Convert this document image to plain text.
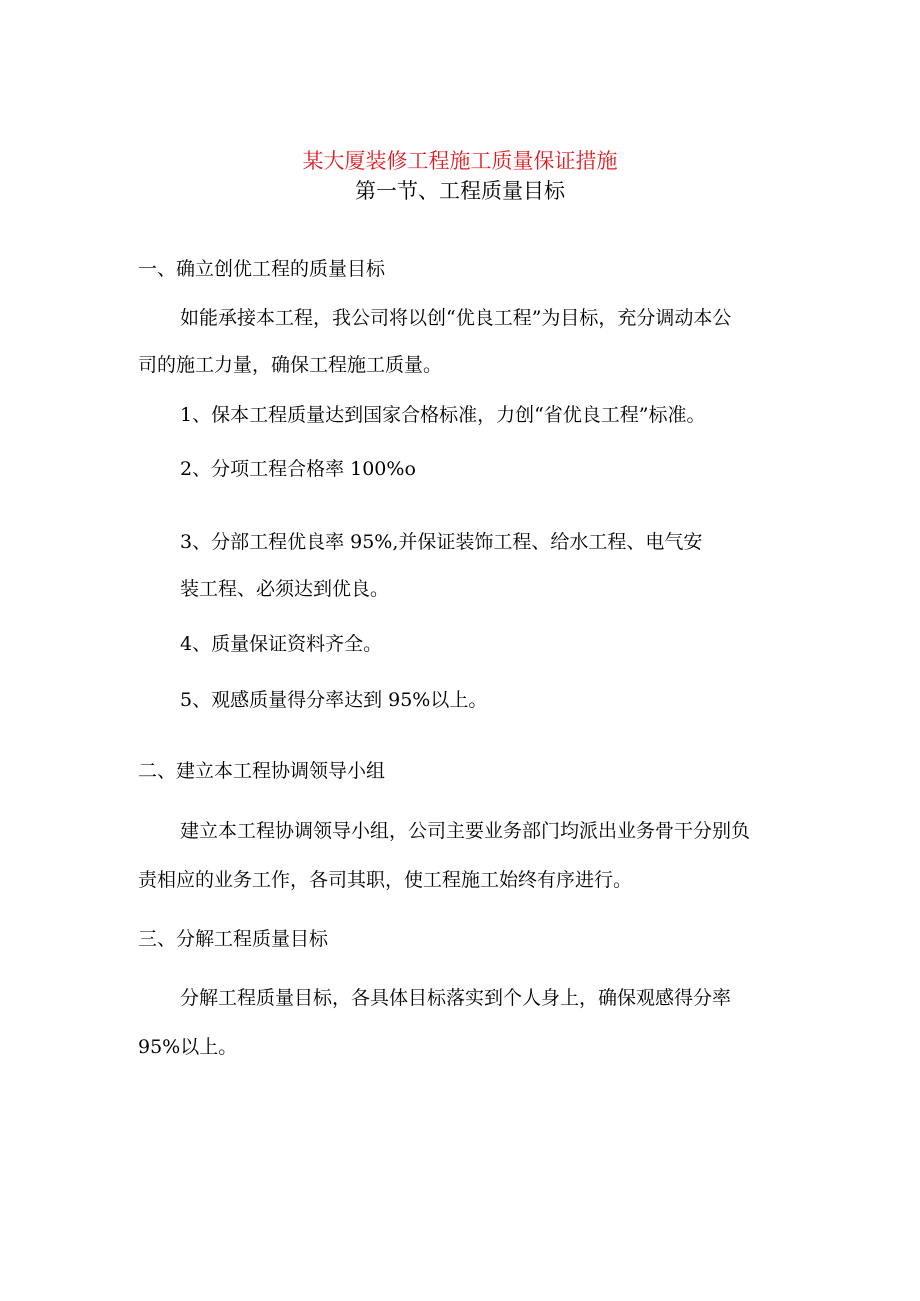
某大厦装修工程施工质量保证措施
第一节、工程质量目标
一、确立创优工程的质量目标
如能承接本工程，我公司将以创“优良工程”为目标，充分调动本公
司的施工力量，确保工程施工质量。
1、保本工程质量达到国家合格标准，力创“省优良工程”标准。
2、分项工程合格率 100%o
3、分部工程优良率 95%,并保证装饰工程、给水工程、电气安
装工程、必须达到优良。
4、质量保证资料齐全。
5、观感质量得分率达到 95%以上。
二、建立本工程协调领导小组
建立本工程协调领导小组，公司主要业务部门均派出业务骨干分别负
责相应的业务工作，各司其职，使工程施工始终有序进行。
三、分解工程质量目标
分解工程质量目标，各具体目标落实到个人身上，确保观感得分率
95%以上。
